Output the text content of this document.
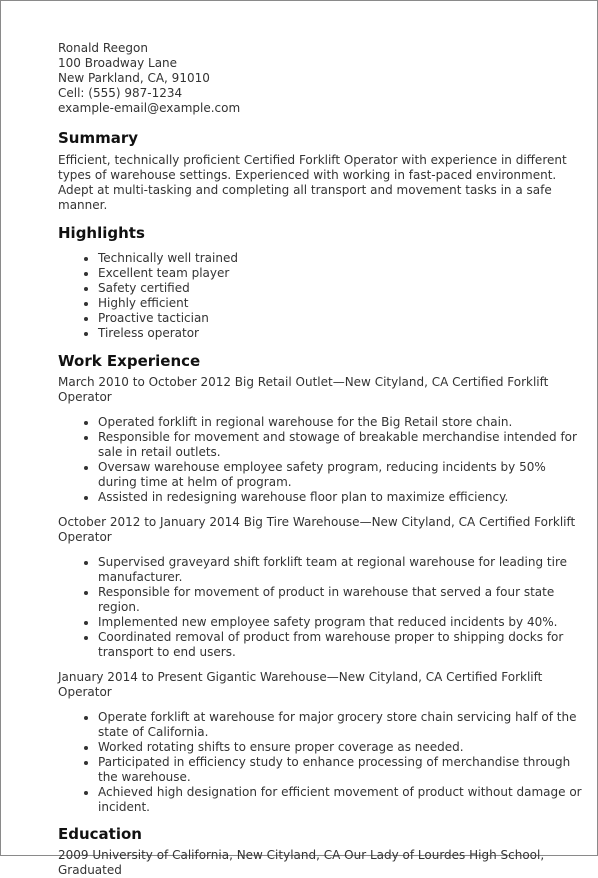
Ronald Reegon
100 Broadway Lane
New Parkland, CA, 91010
Cell: (555) 987-1234
example-email@example.com
Summary

Efficient, technically proficient Certified Forklift Operator with experience in different types of warehouse settings. Experienced with working in fast-paced environment. Adept at multi-tasking and completing all transport and movement tasks in a safe manner.

Highlights
• Technically well trained
• Excellent team player
• Safety certified
• Highly efficient
• Proactive tactician
• Tireless operator
Work Experience
March 2010 to October 2012 Big Retail Outlet—New Cityland, CA Certified Forklift Operator
• Operated forklift in regional warehouse for the Big Retail store chain.
• Responsible for movement and stowage of breakable merchandise intended for sale in retail outlets.
• Oversaw warehouse employee safety program, reducing incidents by 50% during time at helm of program.
• Assisted in redesigning warehouse floor plan to maximize efficiency.
October 2012 to January 2014 Big Tire Warehouse—New Cityland, CA Certified Forklift Operator
• Supervised graveyard shift forklift team at regional warehouse for leading tire manufacturer.
• Responsible for movement of product in warehouse that served a four state region.
• Implemented new employee safety program that reduced incidents by 40%.
• Coordinated removal of product from warehouse proper to shipping docks for transport to end users.
January 2014 to Present Gigantic Warehouse—New Cityland, CA Certified Forklift Operator
• Operate forklift at warehouse for major grocery store chain servicing half of the state of California.
• Worked rotating shifts to ensure proper coverage as needed.
• Participated in efficiency study to enhance processing of merchandise through the warehouse.
• Achieved high designation for efficient movement of product without damage or incident.
Education

2009 University of California, New Cityland, CA Our Lady of Lourdes High School, Graduated
